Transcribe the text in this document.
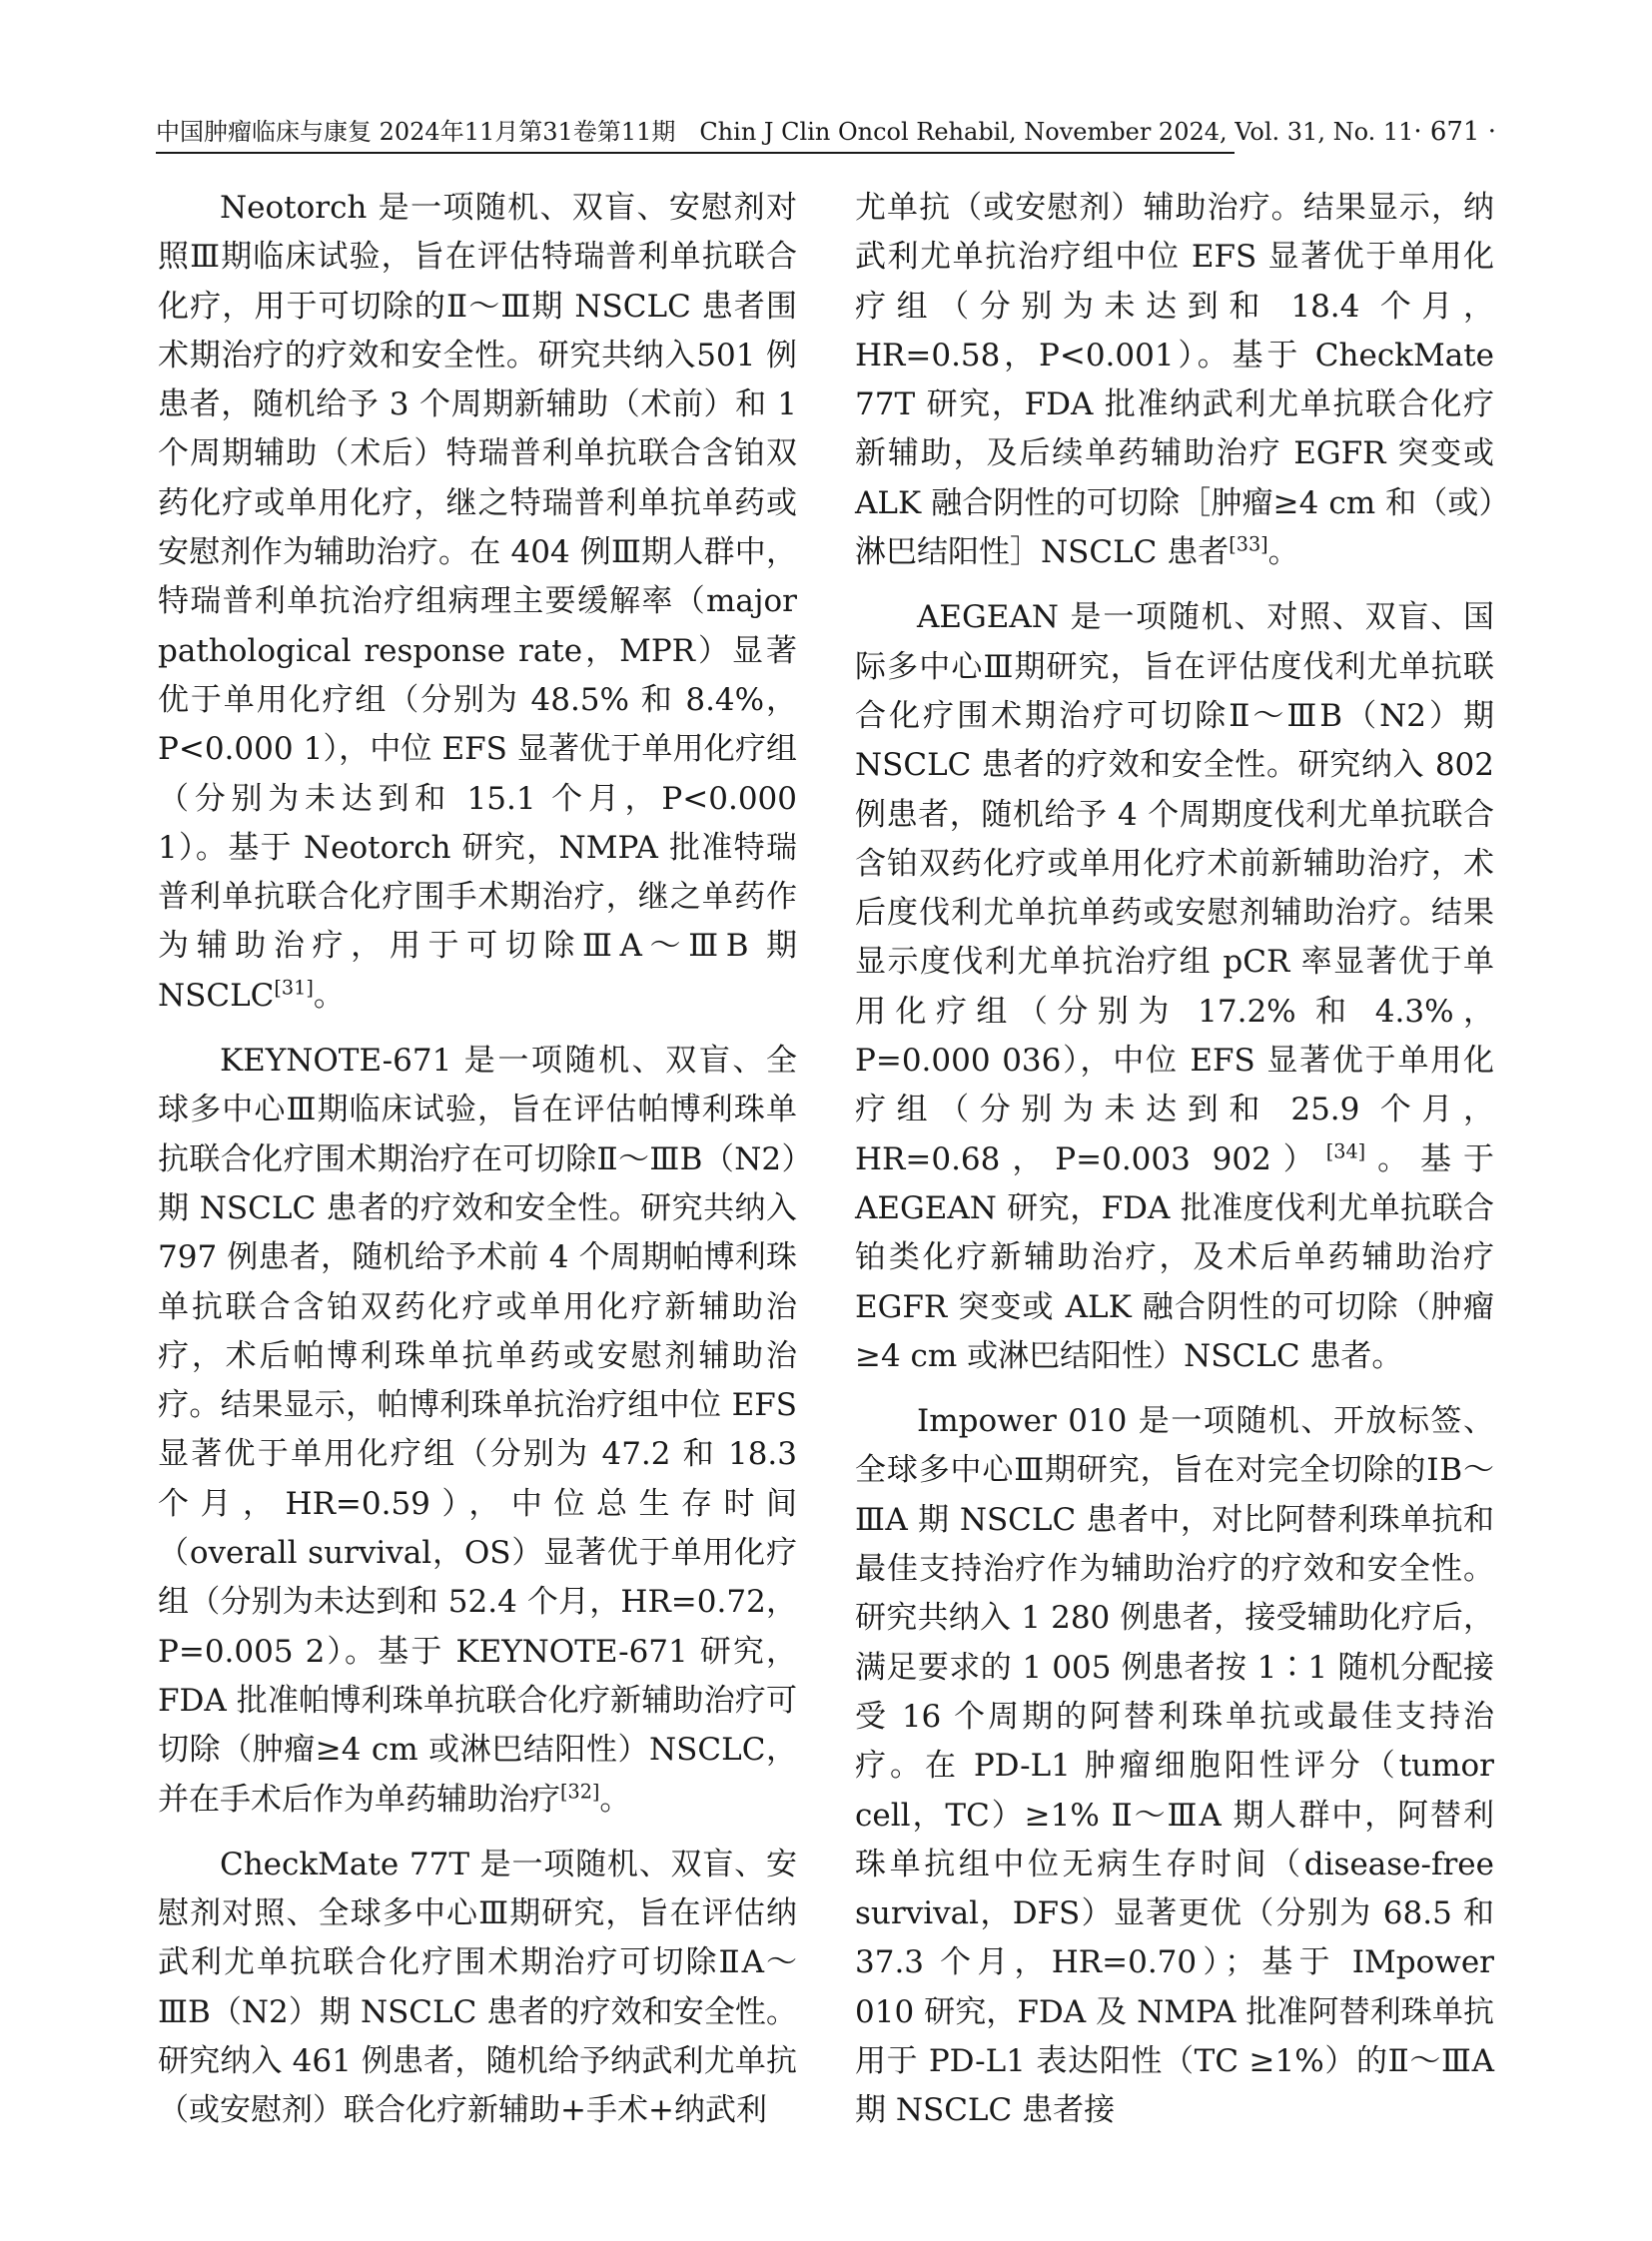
中国肿瘤临床与康复 2024年11月第31卷第11期　Chin J Clin Oncol Rehabil, November 2024, Vol. 31, No. 11 · 671 ·

Neotorch 是一项随机、双盲、安慰剂对照Ⅲ期临床试验，旨在评估特瑞普利单抗联合化疗，用于可切除的Ⅱ～Ⅲ期 NSCLC 患者围术期治疗的疗效和安全性。研究共纳入501 例患者，随机给予 3 个周期新辅助（术前）和 1 个周期辅助（术后）特瑞普利单抗联合含铂双药化疗或单用化疗，继之特瑞普利单抗单药或安慰剂作为辅助治疗。在 404 例Ⅲ期人群中，特瑞普利单抗治疗组病理主要缓解率（major pathological response rate，MPR）显著优于单用化疗组（分别为 48.5% 和 8.4%，P<0.000 1），中位 EFS 显著优于单用化疗组（分别为未达到和 15.1 个月，P<0.000 1）。基于 Neotorch 研究，NMPA 批准特瑞普利单抗联合化疗围手术期治疗，继之单药作为辅助治疗，用于可切除ⅢA～ⅢB 期 NSCLC[31]。

KEYNOTE-671 是一项随机、双盲、全球多中心Ⅲ期临床试验，旨在评估帕博利珠单抗联合化疗围术期治疗在可切除Ⅱ～ⅢB（N2）期 NSCLC 患者的疗效和安全性。研究共纳入 797 例患者，随机给予术前 4 个周期帕博利珠单抗联合含铂双药化疗或单用化疗新辅助治疗，术后帕博利珠单抗单药或安慰剂辅助治疗。结果显示，帕博利珠单抗治疗组中位 EFS 显著优于单用化疗组（分别为 47.2 和 18.3 个月，HR=0.59），中位总生存时间（overall survival，OS）显著优于单用化疗组（分别为未达到和 52.4 个月，HR=0.72，P=0.005 2）。基于 KEYNOTE-671 研究，FDA 批准帕博利珠单抗联合化疗新辅助治疗可切除（肿瘤≥4 cm 或淋巴结阳性）NSCLC，并在手术后作为单药辅助治疗[32]。

CheckMate 77T 是一项随机、双盲、安慰剂对照、全球多中心Ⅲ期研究，旨在评估纳武利尤单抗联合化疗围术期治疗可切除ⅡA～ⅢB（N2）期 NSCLC 患者的疗效和安全性。研究纳入 461 例患者，随机给予纳武利尤单抗（或安慰剂）联合化疗新辅助+手术+纳武利

尤单抗（或安慰剂）辅助治疗。结果显示，纳武利尤单抗治疗组中位 EFS 显著优于单用化疗组（分别为未达到和 18.4 个月，HR=0.58，P<0.001）。基于 CheckMate 77T 研究，FDA 批准纳武利尤单抗联合化疗新辅助，及后续单药辅助治疗 EGFR 突变或 ALK 融合阴性的可切除［肿瘤≥4 cm 和（或）淋巴结阳性］NSCLC 患者[33]。

AEGEAN 是一项随机、对照、双盲、国际多中心Ⅲ期研究，旨在评估度伐利尤单抗联合化疗围术期治疗可切除Ⅱ～ⅢB（N2）期 NSCLC 患者的疗效和安全性。研究纳入 802 例患者，随机给予 4 个周期度伐利尤单抗联合含铂双药化疗或单用化疗术前新辅助治疗，术后度伐利尤单抗单药或安慰剂辅助治疗。结果显示度伐利尤单抗治疗组 pCR 率显著优于单用化疗组（分别为 17.2% 和 4.3%，P=0.000 036），中位 EFS 显著优于单用化疗组（分别为未达到和 25.9 个月，HR=0.68，P=0.003 902）[34]。基于 AEGEAN 研究，FDA 批准度伐利尤单抗联合铂类化疗新辅助治疗，及术后单药辅助治疗 EGFR 突变或 ALK 融合阴性的可切除（肿瘤≥4 cm 或淋巴结阳性）NSCLC 患者。

Impower 010 是一项随机、开放标签、全球多中心Ⅲ期研究，旨在对完全切除的ⅠB～ⅢA 期 NSCLC 患者中，对比阿替利珠单抗和最佳支持治疗作为辅助治疗的疗效和安全性。研究共纳入 1 280 例患者，接受辅助化疗后，满足要求的 1 005 例患者按 1∶1 随机分配接受 16 个周期的阿替利珠单抗或最佳支持治疗。在 PD-L1 肿瘤细胞阳性评分（tumor cell，TC）≥1% Ⅱ～ⅢA 期人群中，阿替利珠单抗组中位无病生存时间（disease-free survival，DFS）显著更优（分别为 68.5 和 37.3 个月，HR=0.70）；基于 IMpower 010 研究，FDA 及 NMPA 批准阿替利珠单抗用于 PD-L1 表达阳性（TC ≥1%）的Ⅱ～ⅢA 期 NSCLC 患者接
